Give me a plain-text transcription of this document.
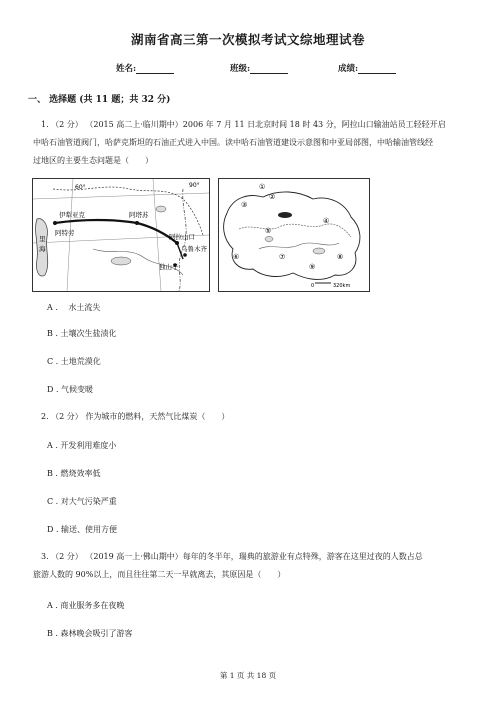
湖南省高三第一次模拟考试文综地理试卷
姓名:	班级:	成绩:
一、 选择题 (共 11 题；共 32 分)
1. （2 分） （2015 高二上·临川期中）2006 年 7 月 11 日北京时间 18 时 43 分，阿拉山口输油站员工轻轻开启
中哈石油管道阀门，哈萨克斯坦的石油正式进入中国。读中哈石油管道建设示意图和中亚局部图，中哈输油管线经
过地区的主要生态问题是（　　）
60°
伊犁亚克
阿特劳
阿塔苏
阿拉山口
乌鲁木齐
独山子
里
海
90°	①
②
③
④
⑤
⑥	⑦	⑧
⑨
0	320km
A . 　水土流失
B . 土壤次生盐渍化
C . 土地荒漠化
D . 气候变暖
2. （2 分） 作为城市的燃料，天然气比煤炭（　　）
A . 开发利用难度小
B . 燃烧效率低
C . 对大气污染严重
D . 输送、使用方便
3. （2 分） （2019 高一上·佛山期中）每年的冬半年，瑞典的旅游业有点特殊，游客在这里过夜的人数占总
旅游人数的 90%以上，而且往往第二天一早就离去，其原因是（　　）
A . 商业服务多在夜晚
B . 森林晚会吸引了游客
第 1 页 共 18 页
